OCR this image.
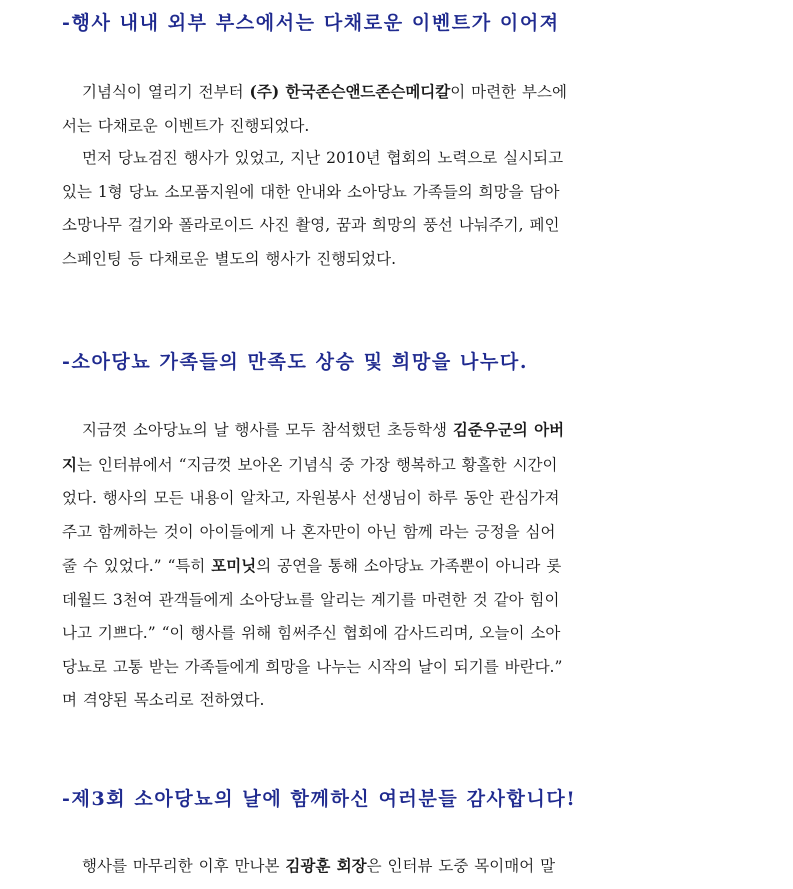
-행사 내내 외부 부스에서는 다채로운 이벤트가 이어져
기념식이 열리기 전부터 (주) 한국존슨앤드존슨메디칼이 마련한 부스에
서는 다채로운 이벤트가 진행되었다.
먼저 당뇨검진 행사가 있었고, 지난 2010년 협회의 노력으로 실시되고
있는 1형 당뇨 소모품지원에 대한 안내와 소아당뇨 가족들의 희망을 담아
소망나무 걸기와 폴라로이드 사진 촬영, 꿈과 희망의 풍선 나눠주기, 페인
스페인팅 등 다채로운 별도의 행사가 진행되었다.
-소아당뇨 가족들의 만족도 상승 및 희망을 나누다.
지금껏 소아당뇨의 날 행사를 모두 참석했던 초등학생 김준우군의 아버
지는 인터뷰에서 “지금껏 보아온 기념식 중 가장 행복하고 황홀한 시간이
었다. 행사의 모든 내용이 알차고, 자원봉사 선생님이 하루 동안 관심가져
주고 함께하는 것이 아이들에게 나 혼자만이 아닌 함께 라는 긍정을 심어
줄 수 있었다.” “특히 포미닛의 공연을 통해 소아당뇨 가족뿐이 아니라 롯
데월드 3천여 관객들에게 소아당뇨를 알리는 계기를 마련한 것 같아 힘이
나고 기쁘다.” “이 행사를 위해 힘써주신 협회에 감사드리며, 오늘이 소아
당뇨로 고통 받는 가족들에게 희망을 나누는 시작의 날이 되기를 바란다.”
며 격양된 목소리로 전하였다.
-제3회 소아당뇨의 날에 함께하신 여러분들 감사합니다!
행사를 마무리한 이후 만나본 김광훈 회장은 인터뷰 도중 목이매어 말
